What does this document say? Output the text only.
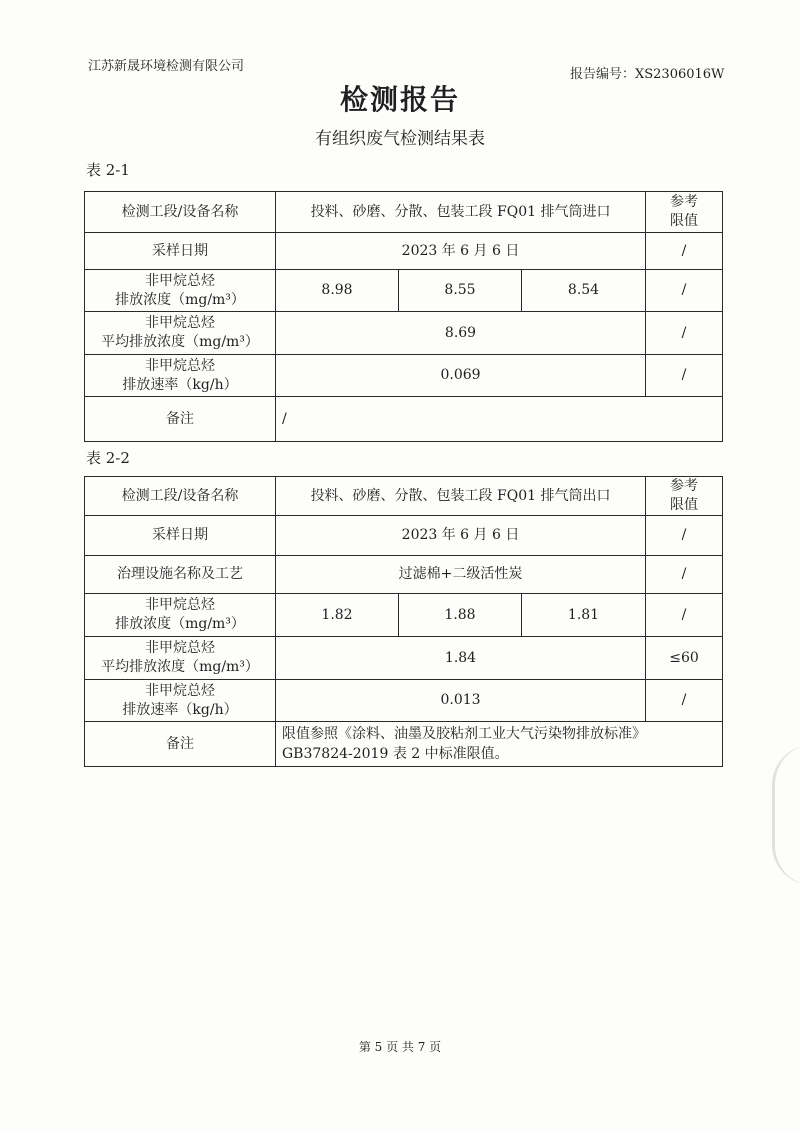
江苏新晟环境检测有限公司
报告编号：XS2306016W
检测报告
有组织废气检测结果表
表 2-1
检测工段/设备名称	投料、砂磨、分散、包装工段 FQ01 排气筒进口			参考
限值
采样日期	2023 年 6 月 6 日			/
非甲烷总烃
排放浓度（mg/m³）	8.98	8.55	8.54	/
非甲烷总烃
平均排放浓度（mg/m³）	8.69			/
非甲烷总烃
排放速率（kg/h）	0.069			/
备注	/			
表 2-2
检测工段/设备名称	投料、砂磨、分散、包装工段 FQ01 排气筒出口			参考
限值
采样日期	2023 年 6 月 6 日			/
治理设施名称及工艺	过滤棉+二级活性炭			/
非甲烷总烃
排放浓度（mg/m³）	1.82	1.88	1.81	/
非甲烷总烃
平均排放浓度（mg/m³）	1.84			≤60
非甲烷总烃
排放速率（kg/h）	0.013			/
备注	限值参照《涂料、油墨及胶粘剂工业大气污染物排放标准》
GB37824-2019 表 2 中标准限值。			
第 5 页 共 7 页
